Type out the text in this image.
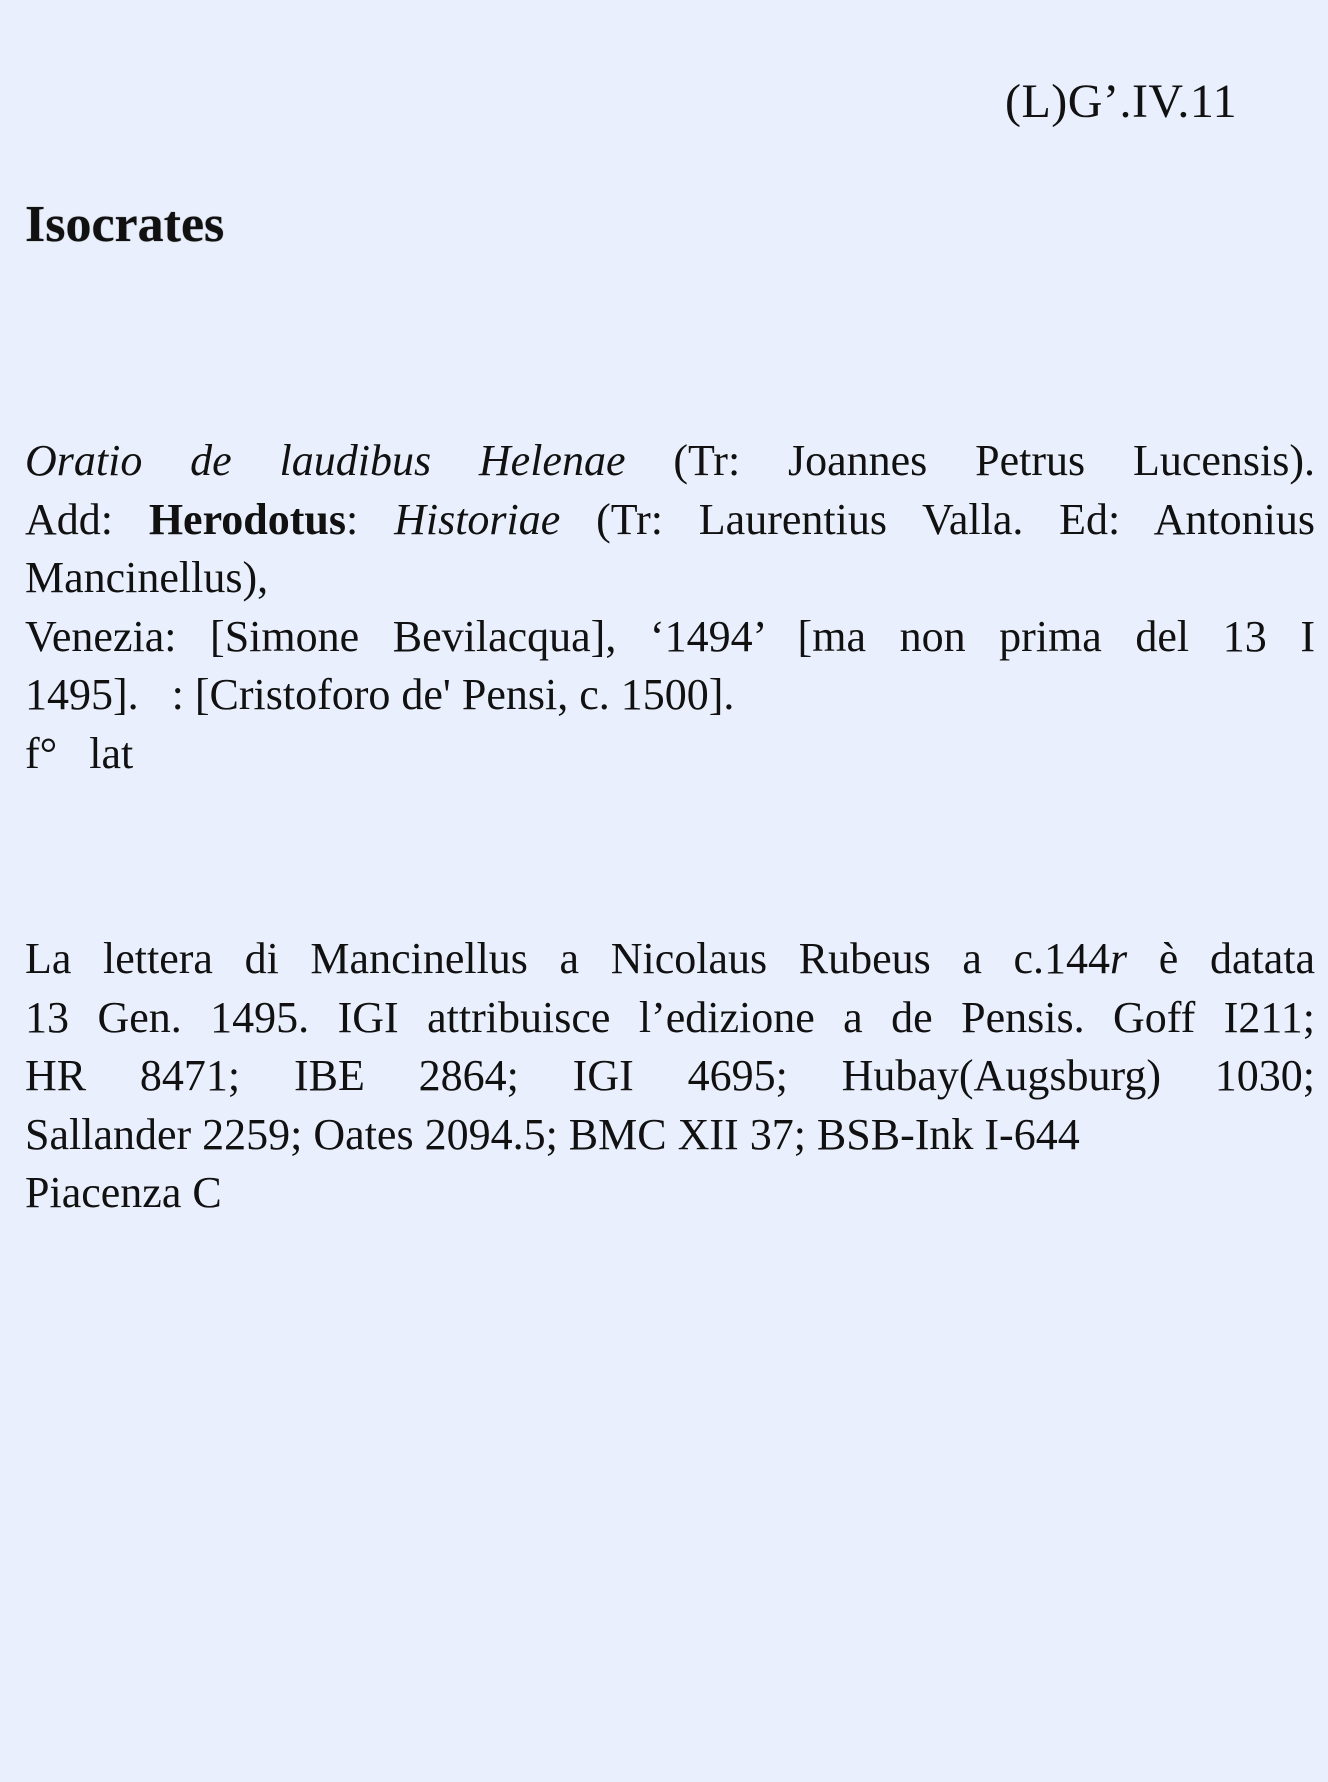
(L)G’.IV.11
Isocrates
Oratio de laudibus Helenae (Tr: Joannes Petrus Lucensis).
Add: Herodotus: Historiae (Tr: Laurentius Valla. Ed: Antonius
Mancinellus),
Venezia: [Simone Bevilacqua], ‘1494’ [ma non prima del 13 I
1495].   : [Cristoforo de' Pensi, c. 1500].
f° lat
La lettera di Mancinellus a Nicolaus Rubeus a c.144r è datata
13 Gen. 1495. IGI attribuisce l’edizione a de Pensis. Goff I211;
HR 8471; IBE 2864; IGI 4695; Hubay(Augsburg) 1030;
Sallander 2259; Oates 2094.5; BMC XII 37; BSB-Ink I-644
Piacenza C
